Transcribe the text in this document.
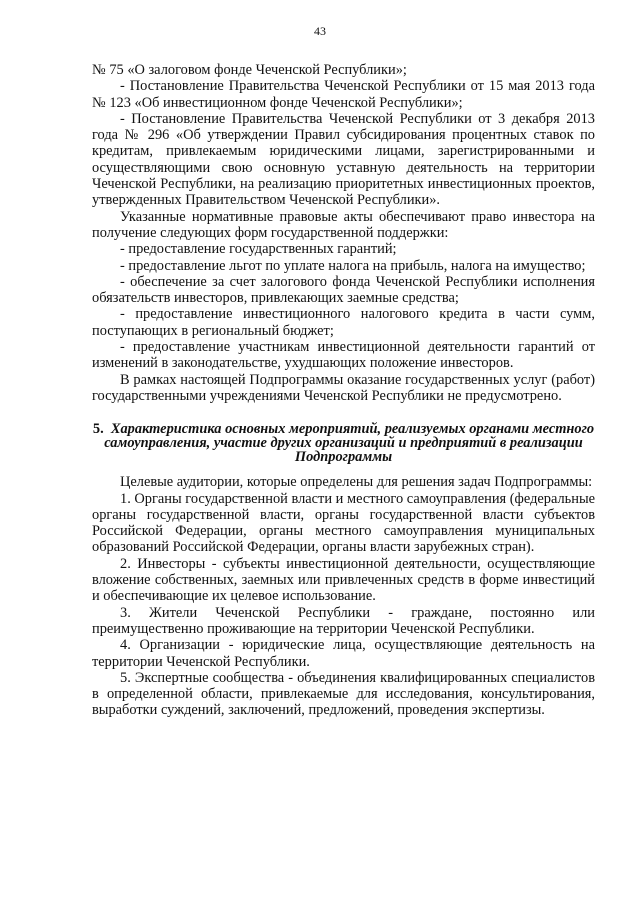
43

№ 75 «О залоговом фонде Чеченской Республики»;

- Постановление Правительства Чеченской Республики от 15 мая 2013 года № 123 «Об инвестиционном фонде Чеченской Республики»;

- Постановление Правительства Чеченской Республики от 3 декабря 2013 года № 296 «Об утверждении Правил субсидирования процентных ставок по кредитам, привлекаемым юридическими лицами, зарегистрированными и осуществляющими свою основную уставную деятельность на территории Чеченской Республики, на реализацию приоритетных инвестиционных проектов, утвержденных Правительством Чеченской Республики».

Указанные нормативные правовые акты обеспечивают право инвестора на получение следующих форм государственной поддержки:

- предоставление государственных гарантий;

- предоставление льгот по уплате налога на прибыль, налога на имущество;

- обеспечение за счет залогового фонда Чеченской Республики исполнения обязательств инвесторов, привлекающих заемные средства;

- предоставление инвестиционного налогового кредита в части сумм, поступающих в региональный бюджет;

- предоставление участникам инвестиционной деятельности гарантий от изменений в законодательстве, ухудшающих положение инвесторов.

В рамках настоящей Подпрограммы оказание государственных услуг (работ) государственными учреждениями Чеченской Республики не предусмотрено.

5. Характеристика основных мероприятий, реализуемых органами местного самоуправления, участие других организаций и предприятий в реализации Подпрограммы

Целевые аудитории, которые определены для решения задач Подпрограммы:

1. Органы государственной власти и местного самоуправления (федеральные органы государственной власти, органы государственной власти субъектов Российской Федерации, органы местного самоуправления муниципальных образований Российской Федерации, органы власти зарубежных стран).

2. Инвесторы - субъекты инвестиционной деятельности, осуществляющие вложение собственных, заемных или привлеченных средств в форме инвестиций и обеспечивающие их целевое использование.

3. Жители Чеченской Республики - граждане, постоянно или преимущественно проживающие на территории Чеченской Республики.

4. Организации - юридические лица, осуществляющие деятельность на территории Чеченской Республики.

5. Экспертные сообщества - объединения квалифицированных специалистов в определенной области, привлекаемые для исследования, консультирования, выработки суждений, заключений, предложений, проведения экспертизы.
